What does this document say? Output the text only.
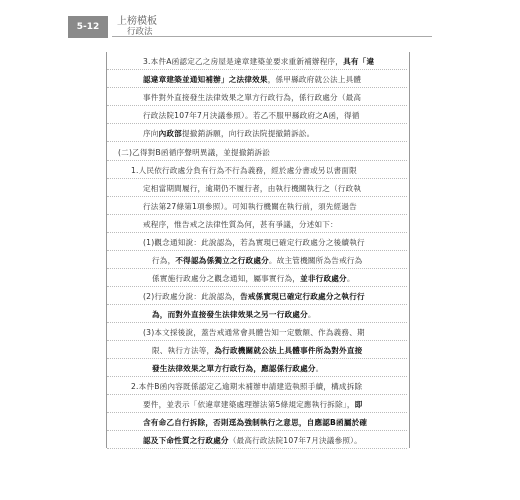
5-12	上榜模板
行政法
3.本件A函認定乙之房屋是違章建築並要求重新補辦程序，具有「違
認違章建築並通知補辦」之法律效果，係甲縣政府就公法上具體
事件對外直接發生法律效果之單方行政行為，係行政處分（最高
行政法院107年7月決議參照）。若乙不服甲縣政府之A函，得循
序向內政部提撤銷訴願，向行政法院提撤銷訴訟。
(二)乙得對B函循序聲明異議，並提撤銷訴訟
1.人民依行政處分負有行為不行為義務，經於處分書或另以書面限
定相當期間履行，逾期仍不履行者，由執行機關執行之（行政執
行法第27條第1項參照）。可知執行機關在執行前，須先經過告
戒程序，惟告戒之法律性質為何，甚有爭議，分述如下：
(1)觀念通知說：此說認為，若為實現已確定行政處分之後續執行
行為，不得認為係獨立之行政處分。故主管機關所為告戒行為
係實施行政處分之觀念通知，屬事實行為，並非行政處分。
(2)行政處分說：此說認為，告戒係實現已確定行政處分之執行行
為，而對外直接發生法律效果之另一行政處分。
(3)本文採後說，蓋告戒通常會具體告知一定數額、作為義務、期
限、執行方法等，為行政機關就公法上具體事件所為對外直接
發生法律效果之單方行政行為，應認係行政處分。
2.本件B函內容既係認定乙逾期未補辦申請建造執照手續，構成拆除
要件，並表示「依違章建築處理辦法第5條規定應執行拆除」，即
含有命乙自行拆除，否則逕為強制執行之意思，自應認B函屬於確
認及下命性質之行政處分（最高行政法院107年7月決議參照）。
